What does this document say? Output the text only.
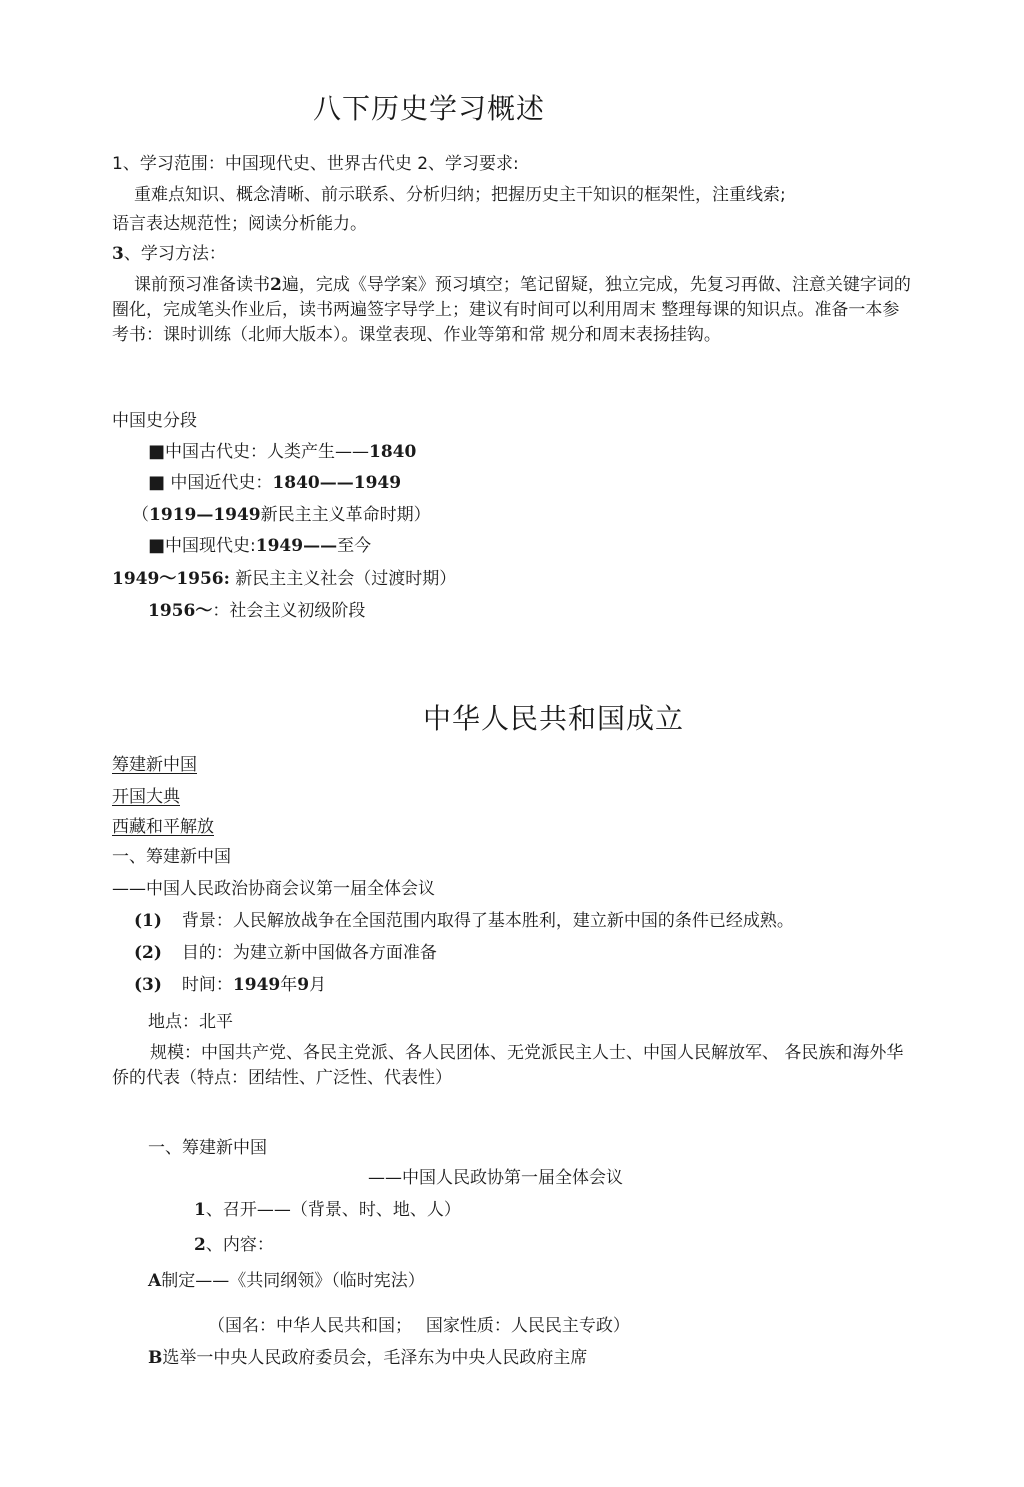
八下历史学习概述
1、学习范围：中国现代史、世界古代史 2、学习要求:
重难点知识、概念清晰、前示联系、分析归纳；把握历史主干知识的框架性，注重线索;
语言表达规范性；阅读分析能力。
3、学习方法：
课前预习准备读书2遍，完成《导学案》预习填空；笔记留疑，独立完成，先复习再做、注意关键字词的圈化，完成笔头作业后，读书两遍签字导学上；建议有时间可以利用周末 整理每课的知识点。准备一本参考书：课时训练（北师大版本）。课堂表现、作业等第和常 规分和周末表扬挂钩。
中国史分段
■中国古代史：人类产生——1840
■ 中国近代史：1840——1949
（1919—1949新民主主义革命时期）
■中国现代史:1949——至今
1949～1956: 新民主主义社会（过渡时期）
1956～：社会主义初级阶段
中华人民共和国成立
筹建新中国
开国大典
西藏和平解放
一、筹建新中国
——中国人民政治协商会议第一届全体会议
(1) 背景：人民解放战争在全国范围内取得了基本胜利，建立新中国的条件已经成熟。
(2) 目的：为建立新中国做各方面准备
(3) 时间：1949年9月
地点：北平
规模：中国共产党、各民主党派、各人民团体、无党派民主人士、中国人民解放军、 各民族和海外华侨的代表（特点：团结性、广泛性、代表性）
一、筹建新中国
——中国人民政协第一届全体会议
1、召开——（背景、时、地、人）
2、内容：
A制定——《共同纲领》（临时宪法）
（国名：中华人民共和国；　 国家性质：人民民主专政）
B选举一中央人民政府委员会，毛泽东为中央人民政府主席
